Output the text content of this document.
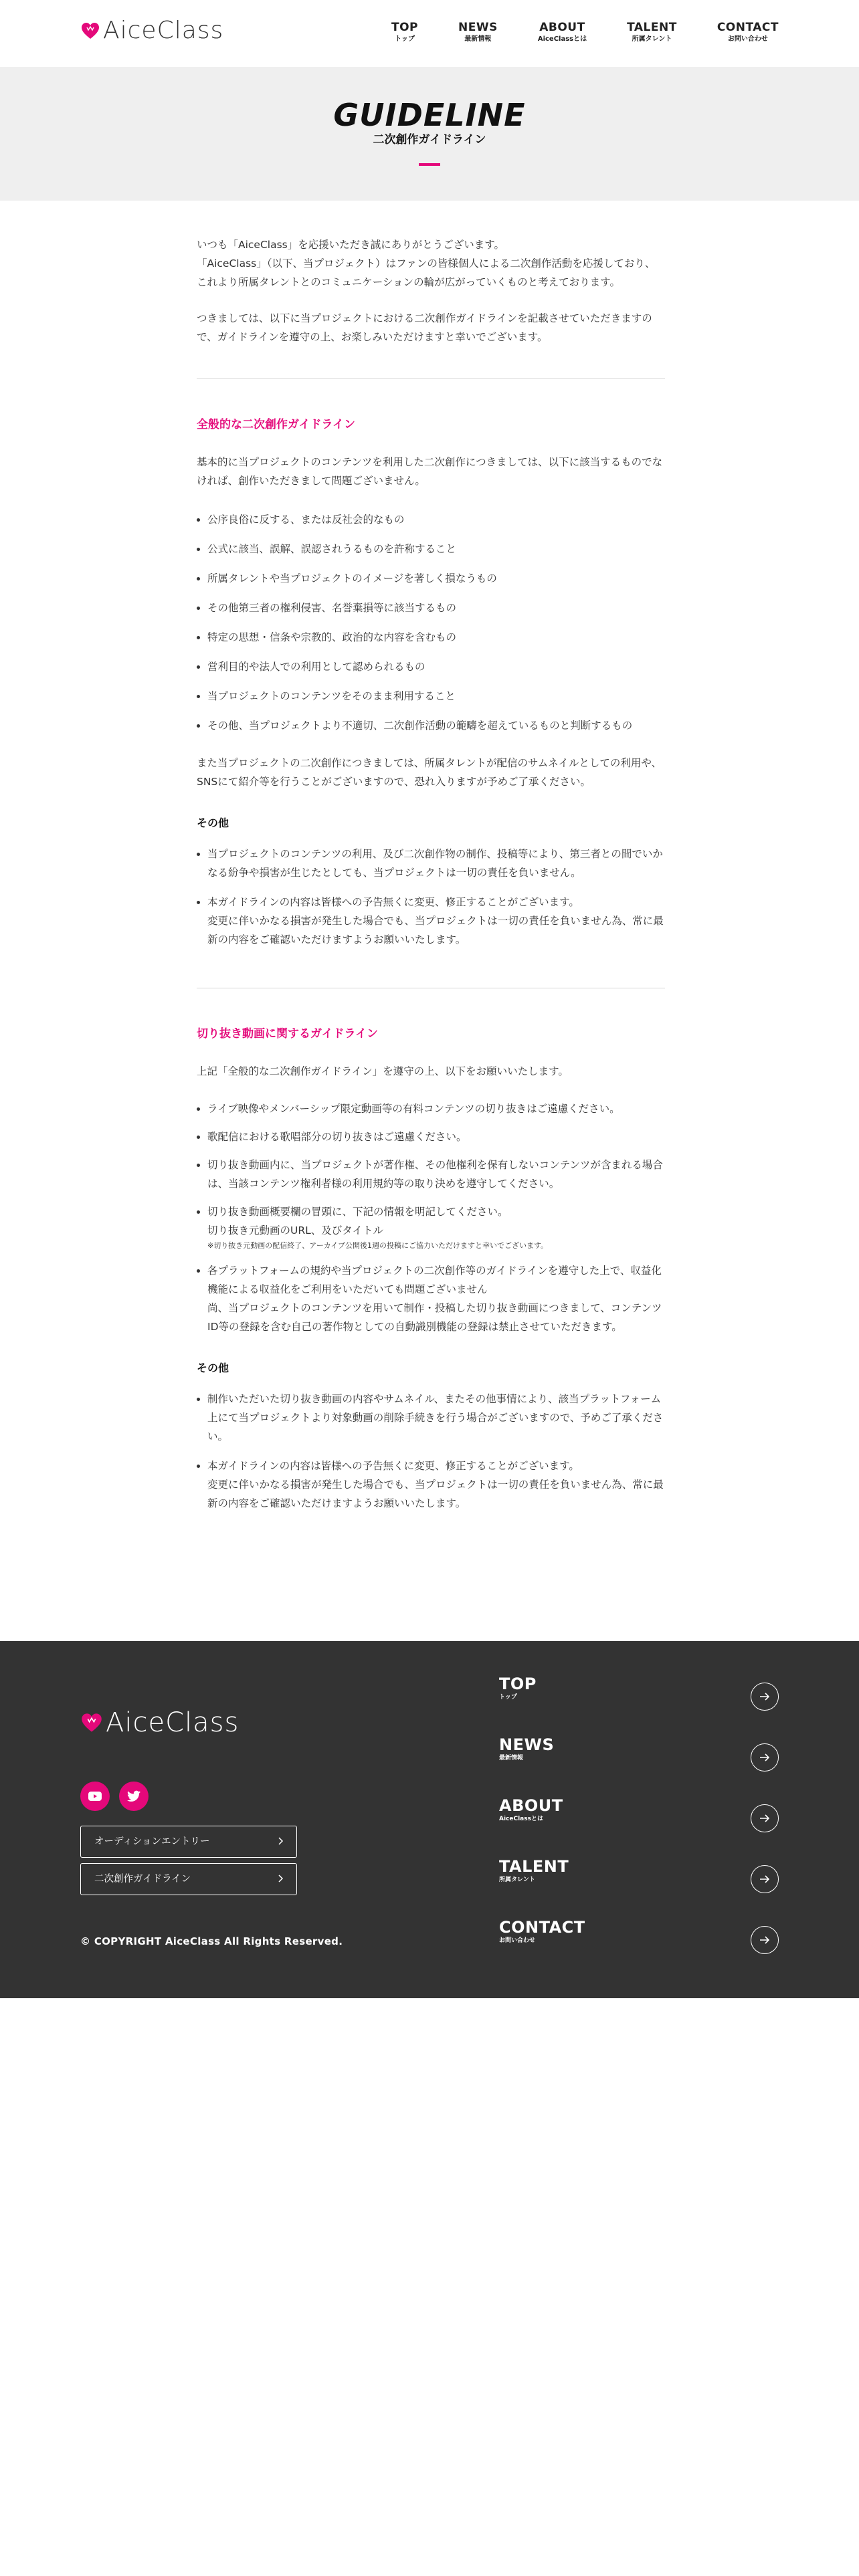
AiceClass	TOP
トップ
NEWS
最新情報
ABOUT
AiceClassとは
TALENT
所属タレント
CONTACT
お問い合わせ
GUIDELINE
二次創作ガイドライン
いつも「AiceClass」を応援いただき誠にありがとうございます。
「AiceClass」（以下、当プロジェクト）はファンの皆様個人による二次創作活動を応援しており、これより所属タレントとのコミュニケーションの輪が広がっていくものと考えております。
つきましては、以下に当プロジェクトにおける二次創作ガイドラインを記載させていただきますので、ガイドラインを遵守の上、お楽しみいただけますと幸いでございます。
全般的な二次創作ガイドライン
基本的に当プロジェクトのコンテンツを利用した二次創作につきましては、以下に該当するものでなければ、創作いただきまして問題ございません。
公序良俗に反する、または反社会的なもの
公式に該当、誤解、誤認されうるものを許称すること
所属タレントや当プロジェクトのイメージを著しく損なうもの
その他第三者の権利侵害、名誉棄損等に該当するもの
特定の思想・信条や宗教的、政治的な内容を含むもの
営利目的や法人での利用として認められるもの
当プロジェクトのコンテンツをそのまま利用すること
その他、当プロジェクトより不適切、二次創作活動の範疇を超えているものと判断するもの
また当プロジェクトの二次創作につきましては、所属タレントが配信のサムネイルとしての利用や、SNSにて紹介等を行うことがございますので、恐れ入りますが予めご了承ください。
その他
当プロジェクトのコンテンツの利用、及び二次創作物の制作、投稿等により、第三者との間でいかなる紛争や損害が生じたとしても、当プロジェクトは一切の責任を負いません。
本ガイドラインの内容は皆様への予告無くに変更、修正することがございます。
変更に伴いかなる損害が発生した場合でも、当プロジェクトは一切の責任を負いません為、常に最新の内容をご確認いただけますようお願いいたします。
切り抜き動画に関するガイドライン
上記「全般的な二次創作ガイドライン」を遵守の上、以下をお願いいたします。
ライブ映像やメンバーシップ限定動画等の有料コンテンツの切り抜きはご遠慮ください。
歌配信における歌唱部分の切り抜きはご遠慮ください。
切り抜き動画内に、当プロジェクトが著作権、その他権利を保有しないコンテンツが含まれる場合は、当該コンテンツ権利者様の利用規約等の取り決めを遵守してください。
切り抜き動画概要欄の冒頭に、下記の情報を明記してください。
切り抜き元動画のURL、及びタイトル
※切り抜き元動画の配信終了、アーカイブ公開後1週の投稿にご協力いただけますと幸いでございます。
各プラットフォームの規約や当プロジェクトの二次創作等のガイドラインを遵守した上で、収益化機能による収益化をご利用をいただいても問題ございません
尚、当プロジェクトのコンテンツを用いて制作・投稿した切り抜き動画につきまして、コンテンツID等の登録を含む自己の著作物としての自動識別機能の登録は禁止させていただきます。
その他
制作いただいた切り抜き動画の内容やサムネイル、またその他事情により、該当プラットフォーム上にて当プロジェクトより対象動画の削除手続きを行う場合がございますので、予めご了承ください。
本ガイドラインの内容は皆様への予告無くに変更、修正することがございます。
変更に伴いかなる損害が発生した場合でも、当プロジェクトは一切の責任を負いません為、常に最新の内容をご確認いただけますようお願いいたします。
AiceClass
オーディションエントリー
二次創作ガイドライン
© COPYRIGHT AiceClass All Rights Reserved.
TOP
トップ
NEWS
最新情報
ABOUT
AiceClassとは
TALENT
所属タレント
CONTACT
お問い合わせ
